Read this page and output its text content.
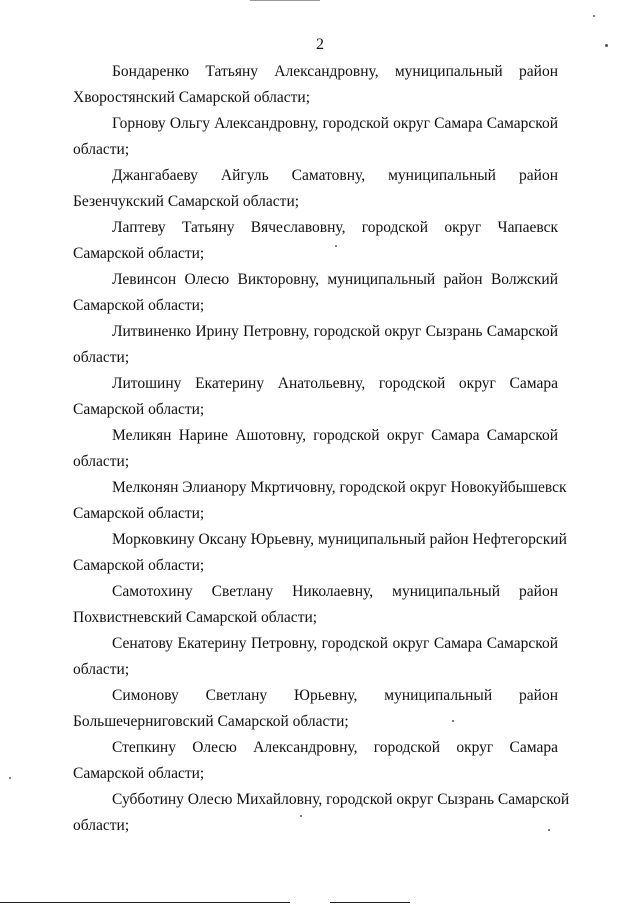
2
Бондаренко Татьяну Александровну, муниципальный район
Хворостянский Самарской области;
Горнову Ольгу Александровну, городской округ Самара Самарской
области;
Джангабаеву Айгуль Саматовну, муниципальный район
Безенчукский Самарской области;
Лаптеву Татьяну Вячеславовну, городской округ Чапаевск
Самарской области;
Левинсон Олесю Викторовну, муниципальный район Волжский
Самарской области;
Литвиненко Ирину Петровну, городской округ Сызрань Самарской
области;
Литошину Екатерину Анатольевну, городской округ Самара
Самарской области;
Меликян Нарине Ашотовну, городской округ Самара Самарской
области;
Мелконян Элианору Мкртичовну, городской округ Новокуйбышевск
Самарской области;
Морковкину Оксану Юрьевну, муниципальный район Нефтегорский
Самарской области;
Самотохину Светлану Николаевну, муниципальный район
Похвистневский Самарской области;
Сенатову Екатерину Петровну, городской округ Самара Самарской
области;
Симонову Светлану Юрьевну, муниципальный район
Большечерниговский Самарской области;
Степкину Олесю Александровну, городской округ Самара
Самарской области;
Субботину Олесю Михайловну, городской округ Сызрань Самарской
области;
